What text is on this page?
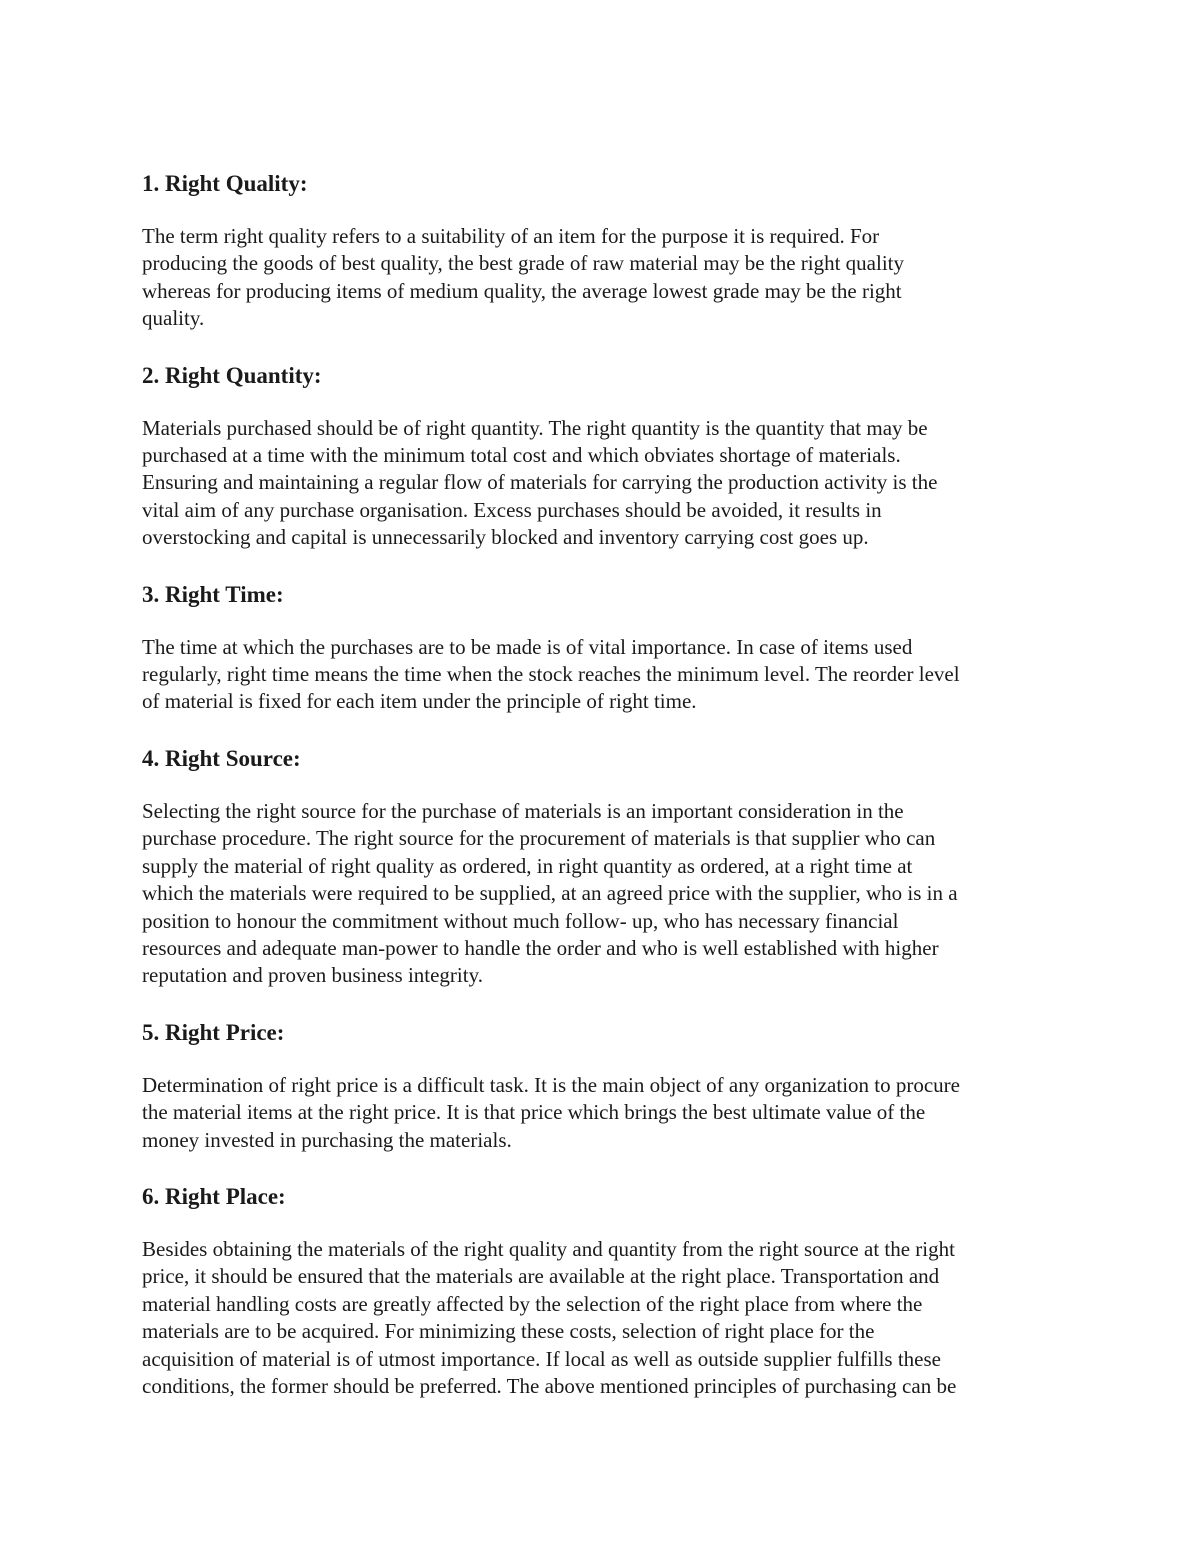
1. Right Quality:

The term right quality refers to a suitability of an item for the purpose it is required. For
producing the goods of best quality, the best grade of raw material may be the right quality
whereas for producing items of medium quality, the average lowest grade may be the right
quality.

2. Right Quantity:

Materials purchased should be of right quantity. The right quantity is the quantity that may be
purchased at a time with the minimum total cost and which obviates shortage of materials.
Ensuring and maintaining a regular flow of materials for carrying the production activity is the
vital aim of any purchase organisation. Excess purchases should be avoided, it results in
overstocking and capital is unnecessarily blocked and inventory carrying cost goes up.

3. Right Time:

The time at which the purchases are to be made is of vital importance. In case of items used
regularly, right time means the time when the stock reaches the minimum level. The reorder level
of material is fixed for each item under the principle of right time.

4. Right Source:

Selecting the right source for the purchase of materials is an important consideration in the
purchase procedure. The right source for the procurement of materials is that supplier who can
supply the material of right quality as ordered, in right quantity as ordered, at a right time at
which the materials were required to be supplied, at an agreed price with the supplier, who is in a
position to honour the commitment without much follow- up, who has necessary financial
resources and adequate man-power to handle the order and who is well established with higher
reputation and proven business integrity.

5. Right Price:

Determination of right price is a difficult task. It is the main object of any organization to procure
the material items at the right price. It is that price which brings the best ultimate value of the
money invested in purchasing the materials.

6. Right Place:

Besides obtaining the materials of the right quality and quantity from the right source at the right
price, it should be ensured that the materials are available at the right place. Transportation and
material handling costs are greatly affected by the selection of the right place from where the
materials are to be acquired. For minimizing these costs, selection of right place for the
acquisition of material is of utmost importance. If local as well as outside supplier fulfills these
conditions, the former should be preferred. The above mentioned principles of purchasing can be
